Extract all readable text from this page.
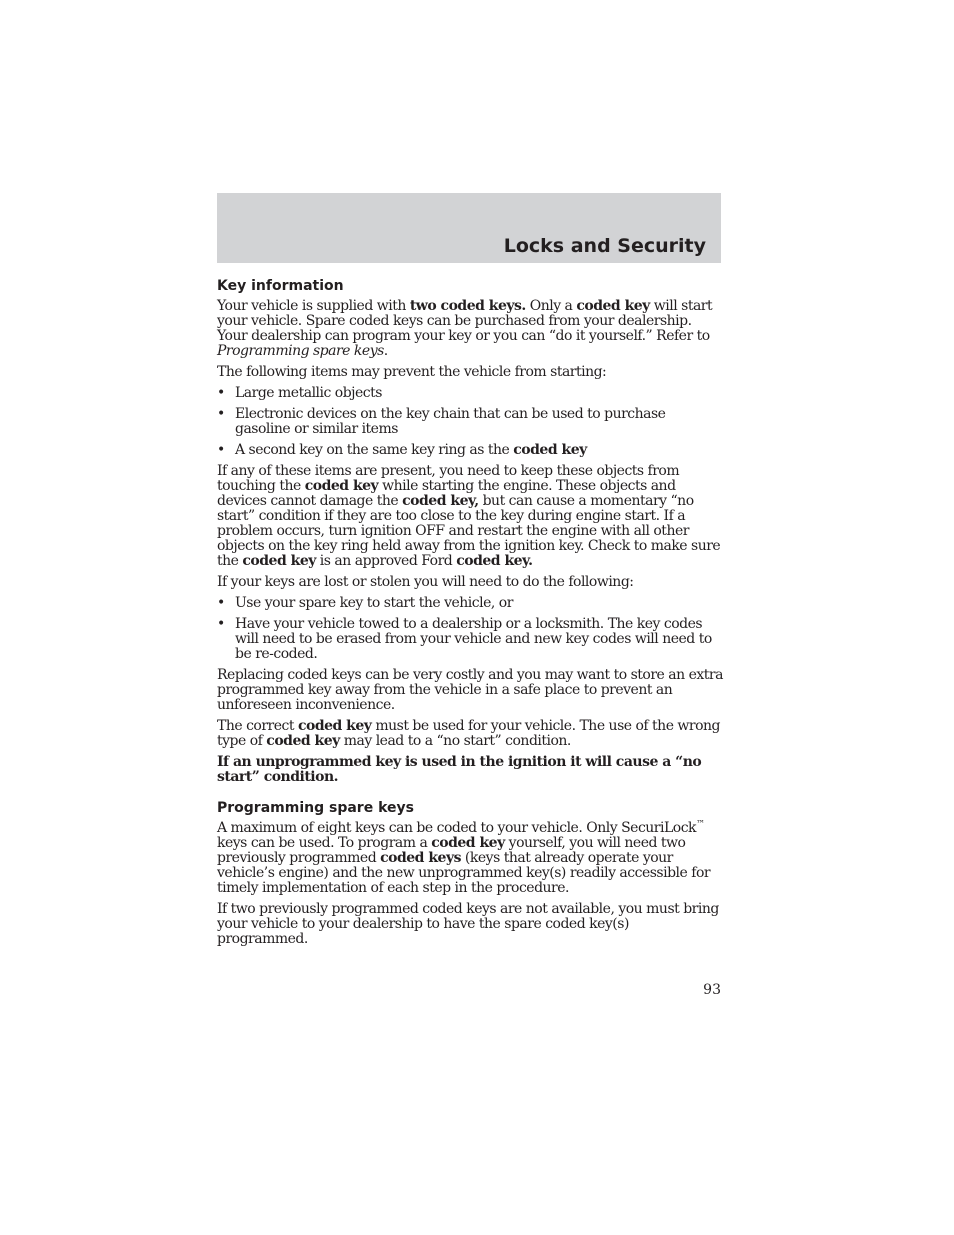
Locks and Security
Key information

Your vehicle is supplied with two coded keys. Only a coded key will start your vehicle. Spare coded keys can be purchased from your dealership. Your dealership can program your key or you can “do it yourself.” Refer to Programming spare keys.

The following items may prevent the vehicle from starting:

• Large metallic objects
• Electronic devices on the key chain that can be used to purchase gasoline or similar items
• A second key on the same key ring as the coded key

If any of these items are present, you need to keep these objects from touching the coded key while starting the engine. These objects and devices cannot damage the coded key, but can cause a momentary “no start” condition if they are too close to the key during engine start. If a problem occurs, turn ignition OFF and restart the engine with all other objects on the key ring held away from the ignition key. Check to make sure the coded key is an approved Ford coded key.

If your keys are lost or stolen you will need to do the following:

• Use your spare key to start the vehicle, or
• Have your vehicle towed to a dealership or a locksmith. The key codes will need to be erased from your vehicle and new key codes will need to be re-coded.

Replacing coded keys can be very costly and you may want to store an extra programmed key away from the vehicle in a safe place to prevent an unforeseen inconvenience.

The correct coded key must be used for your vehicle. The use of the wrong type of coded key may lead to a “no start” condition.

If an unprogrammed key is used in the ignition it will cause a “no start” condition.

Programming spare keys

A maximum of eight keys can be coded to your vehicle. Only SecuriLock™ keys can be used. To program a coded key yourself, you will need two previously programmed coded keys (keys that already operate your vehicle’s engine) and the new unprogrammed key(s) readily accessible for timely implementation of each step in the procedure.

If two previously programmed coded keys are not available, you must bring your vehicle to your dealership to have the spare coded key(s) programmed.

93
